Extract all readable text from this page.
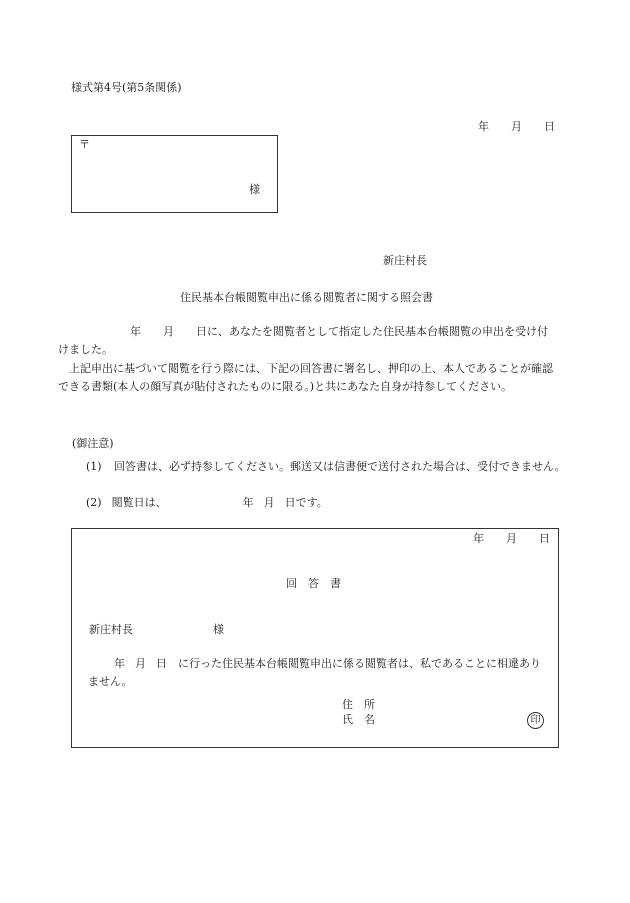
様式第4号(第5条関係)
年 月 日
〒
様
新庄村長
住民基本台帳閲覧申出に係る閲覧者に関する照会書
年 月 日に、あなたを閲覧者として指定した住民基本台帳閲覧の申出を受け付けました。
上記申出に基づいて閲覧を行う際には、下記の回答書に署名し、押印の上、本人であることが確認できる書類(本人の顔写真が貼付されたものに限る。)と共にあなた自身が持参してください。
(御注意)
(1) 回答書は、必ず持参してください。郵送又は信書便で送付された場合は、受付できません。
(2) 閲覧日は、	年 月 日です。
年 月 日
回　答　書
新庄村長	様
年 月 日　に行った住民基本台帳閲覧申出に係る閲覧者は、私であることに相違ありません。
住　所
氏　名	印
